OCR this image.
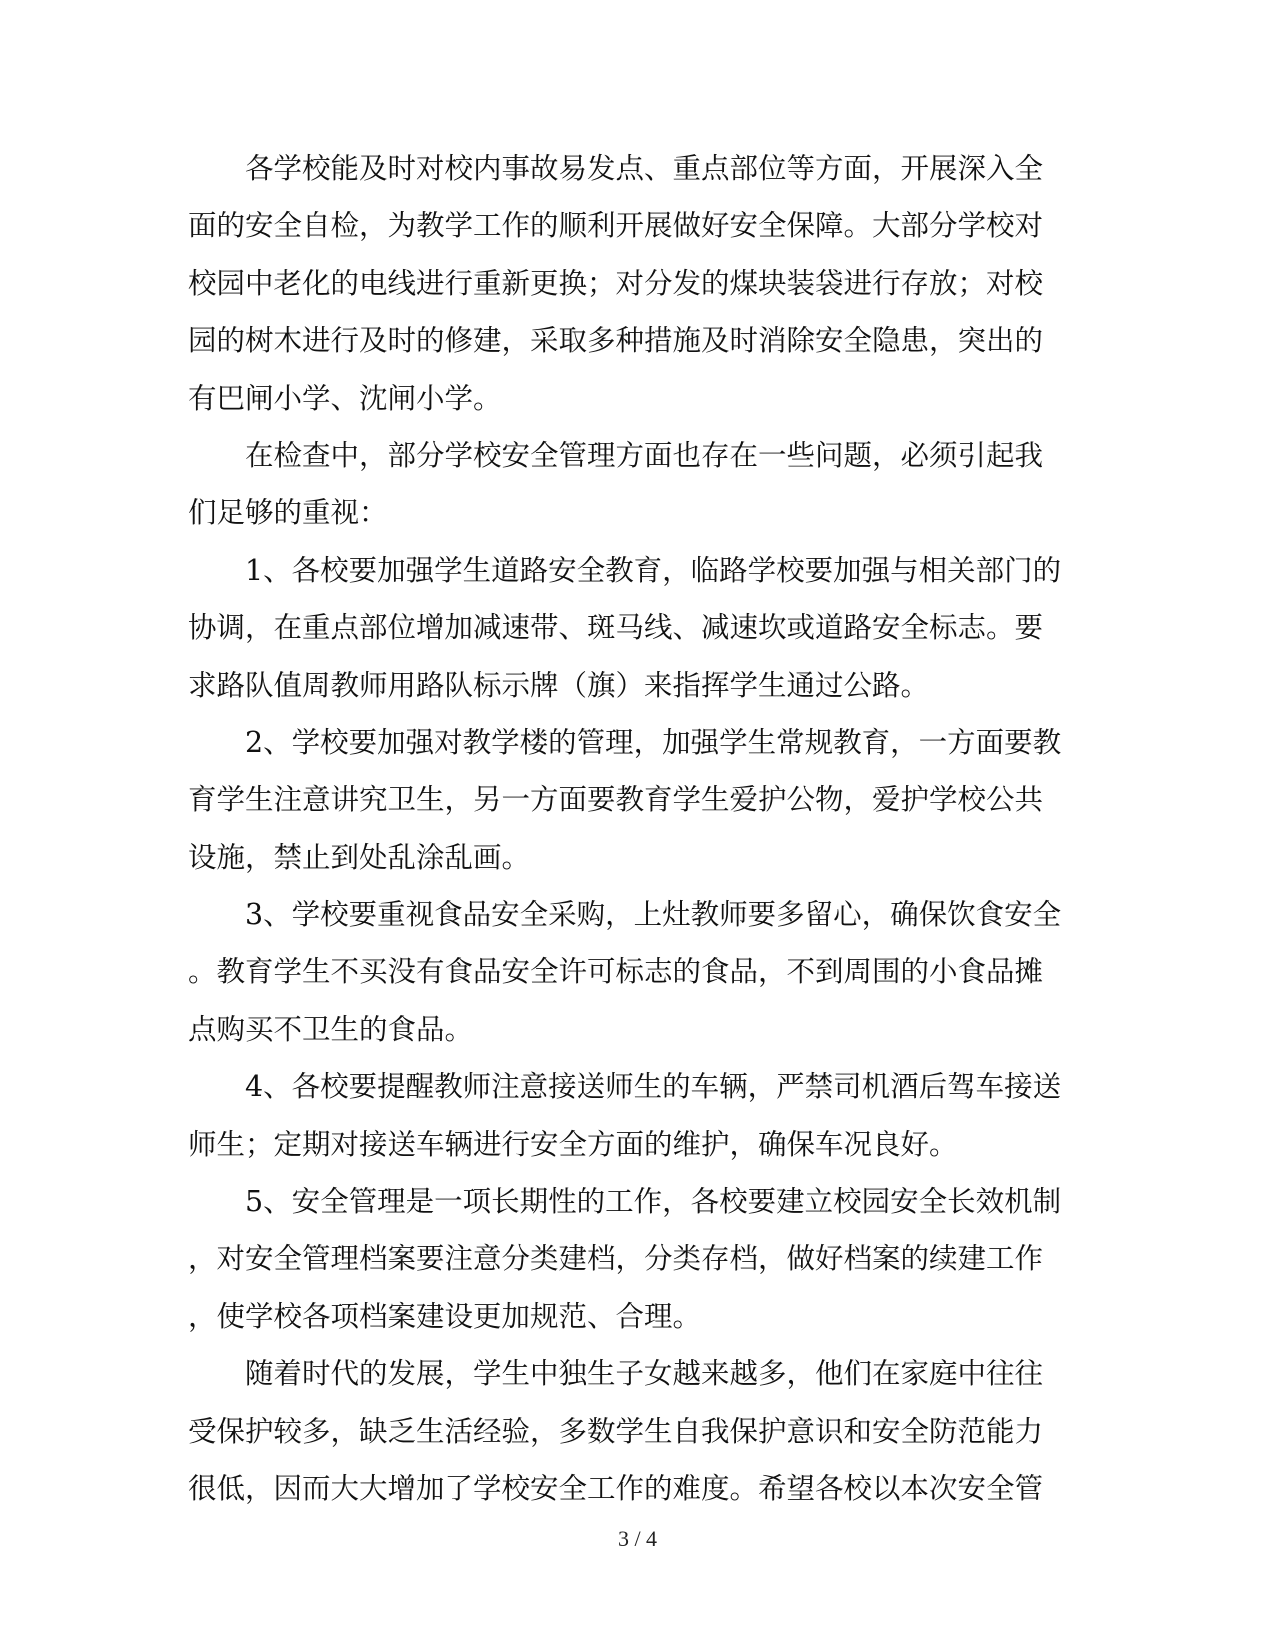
　　各学校能及时对校内事故易发点、重点部位等方面，开展深入全
面的安全自检，为教学工作的顺利开展做好安全保障。大部分学校对
校园中老化的电线进行重新更换；对分发的煤块装袋进行存放；对校
园的树木进行及时的修建，采取多种措施及时消除安全隐患，突出的
有巴闸小学、沈闸小学。
　　在检查中，部分学校安全管理方面也存在一些问题，必须引起我
们足够的重视：
　　1、各校要加强学生道路安全教育，临路学校要加强与相关部门的
协调，在重点部位增加减速带、斑马线、减速坎或道路安全标志。要
求路队值周教师用路队标示牌（旗）来指挥学生通过公路。
　　2、学校要加强对教学楼的管理，加强学生常规教育，一方面要教
育学生注意讲究卫生，另一方面要教育学生爱护公物，爱护学校公共
设施，禁止到处乱涂乱画。
　　3、学校要重视食品安全采购，上灶教师要多留心，确保饮食安全
。教育学生不买没有食品安全许可标志的食品，不到周围的小食品摊
点购买不卫生的食品。
　　4、各校要提醒教师注意接送师生的车辆，严禁司机酒后驾车接送
师生；定期对接送车辆进行安全方面的维护，确保车况良好。
　　5、安全管理是一项长期性的工作，各校要建立校园安全长效机制
，对安全管理档案要注意分类建档，分类存档，做好档案的续建工作
，使学校各项档案建设更加规范、合理。
　　随着时代的发展，学生中独生子女越来越多，他们在家庭中往往
受保护较多，缺乏生活经验，多数学生自我保护意识和安全防范能力
很低，因而大大增加了学校安全工作的难度。希望各校以本次安全管
3 / 4
